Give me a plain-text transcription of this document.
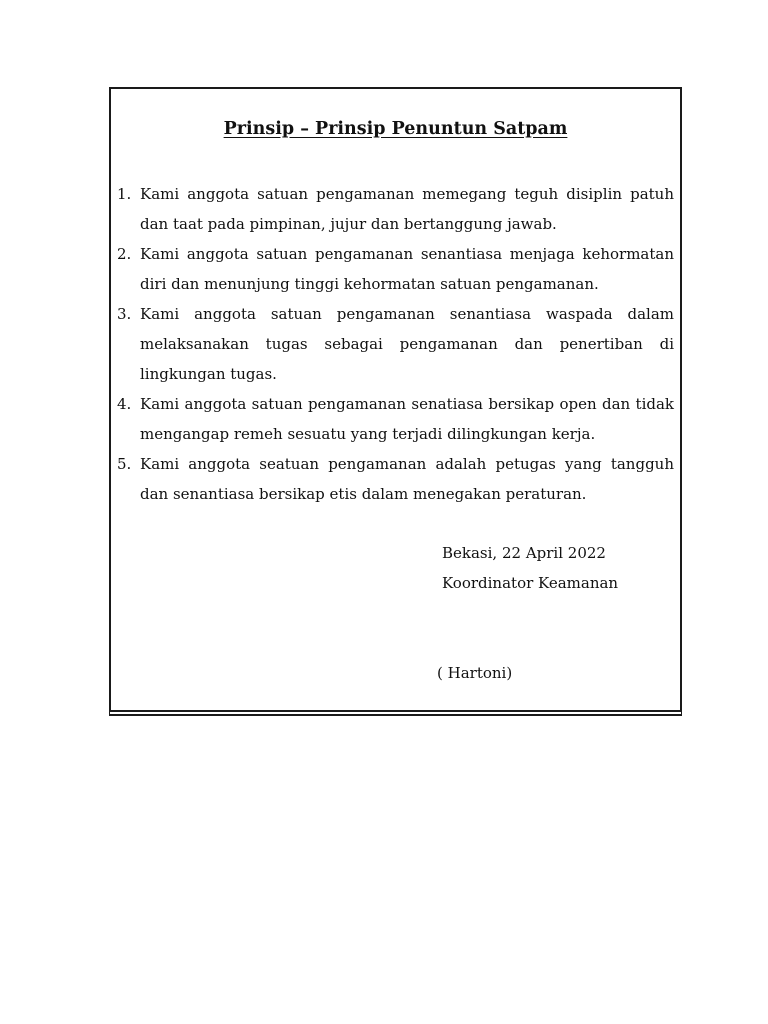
Prinsip – Prinsip Penuntun Satpam
1. Kami anggota satuan pengamanan memegang teguh disiplin patuh dan taat pada pimpinan, jujur dan bertanggung jawab.
2. Kami anggota satuan pengamanan senantiasa menjaga kehormatan diri dan menunjung tinggi kehormatan satuan pengamanan.
3. Kami anggota satuan pengamanan senantiasa waspada dalam melaksanakan tugas sebagai pengamanan dan penertiban di lingkungan tugas.
4. Kami anggota satuan pengamanan senatiasa bersikap open dan tidak mengangap remeh sesuatu yang terjadi dilingkungan kerja.
5. Kami anggota seatuan pengamanan adalah petugas yang tangguh dan senantiasa bersikap etis dalam menegakan peraturan.
Bekasi, 22 April 2022
Koordinator Keamanan
( Hartoni)
